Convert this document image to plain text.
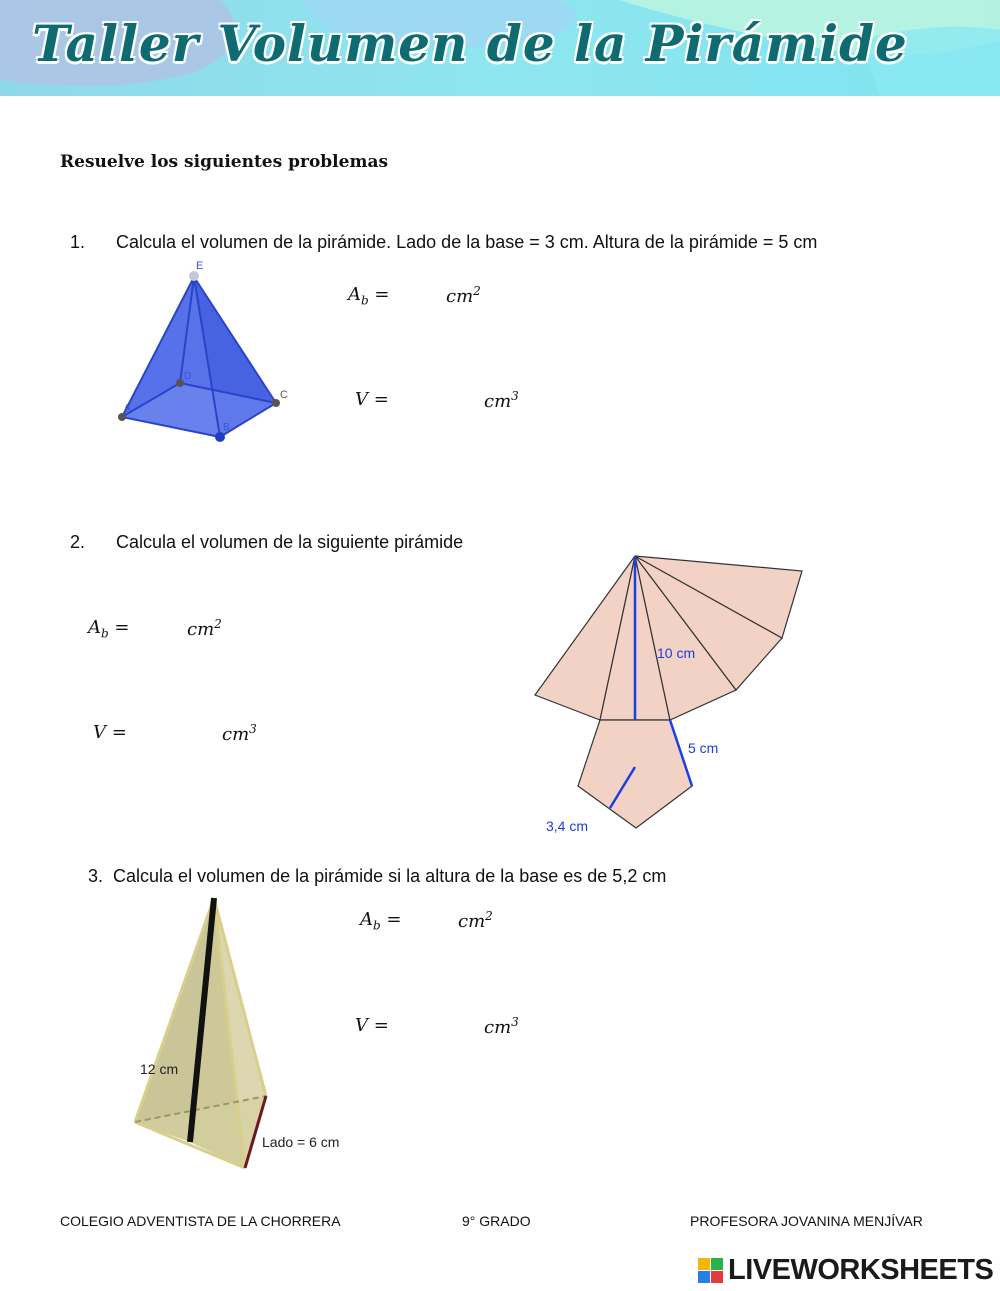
Taller Volumen de la Pirámide
Resuelve los siguientes problemas
1. Calcula el volumen de la pirámide. Lado de la base = 3 cm. Altura de la pirámide = 5 cm
E
D
C
B
A
$A_b$ =	$cm^2$
V =	$cm^3$
2. Calcula el volumen de la siguiente pirámide
$A_b$ =	$cm^2$
V =	$cm^3$
10 cm
5 cm
3,4 cm
3. Calcula el volumen de la pirámide si la altura de la base es de 5,2 cm
12 cm
Lado = 6 cm
$A_b$ =	$cm^2$
V =	$cm^3$
COLEGIO ADVENTISTA DE LA CHORRERA	9° GRADO	PROFESORA JOVANINA MENJÍVAR
LIVEWORKSHEETS
